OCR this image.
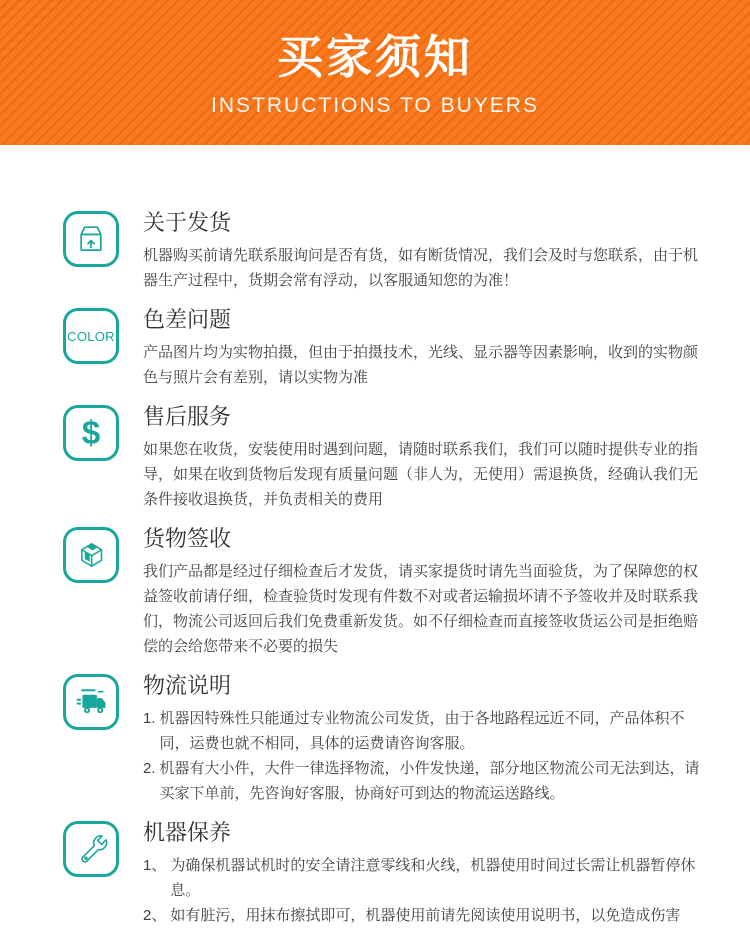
买家须知
INSTRUCTIONS TO BUYERS
关于发货

机器购买前请先联系服询问是否有货，如有断货情况，我们会及时与您联系，由于机器生产过程中，货期会常有浮动，以客服通知您的为准！

COLOR
色差问题

产品图片均为实物拍摄，但由于拍摄技术，光线、显示器等因素影响，收到的实物颜色与照片会有差别，请以实物为准

$ 售后服务

如果您在收货，安装使用时遇到问题，请随时联系我们，我们可以随时提供专业的指导，如果在收到货物后发现有质量问题（非人为，无使用）需退换货，经确认我们无条件接收退换货，并负责相关的费用

货物签收

我们产品都是经过仔细检查后才发货，请买家提货时请先当面验货，为了保障您的权益签收前请仔细，检查验货时发现有件数不对或者运输损坏请不予签收并及时联系我们，物流公司返回后我们免费重新发货。如不仔细检查而直接签收货运公司是拒绝赔偿的会给您带来不必要的损失

物流说明
1. 机器因特殊性只能通过专业物流公司发货，由于各地路程远近不同，产品体积不同，运费也就不相同，具体的运费请咨询客服。
2. 机器有大小件，大件一律选择物流，小件发快递，部分地区物流公司无法到达，请买家下单前，先咨询好客服，协商好可到达的物流运送路线。
机器保养
1、 为确保机器试机时的安全请注意零线和火线，机器使用时间过长需让机器暂停休息。
2、 如有脏污，用抹布擦拭即可，机器使用前请先阅读使用说明书，以免造成伤害
